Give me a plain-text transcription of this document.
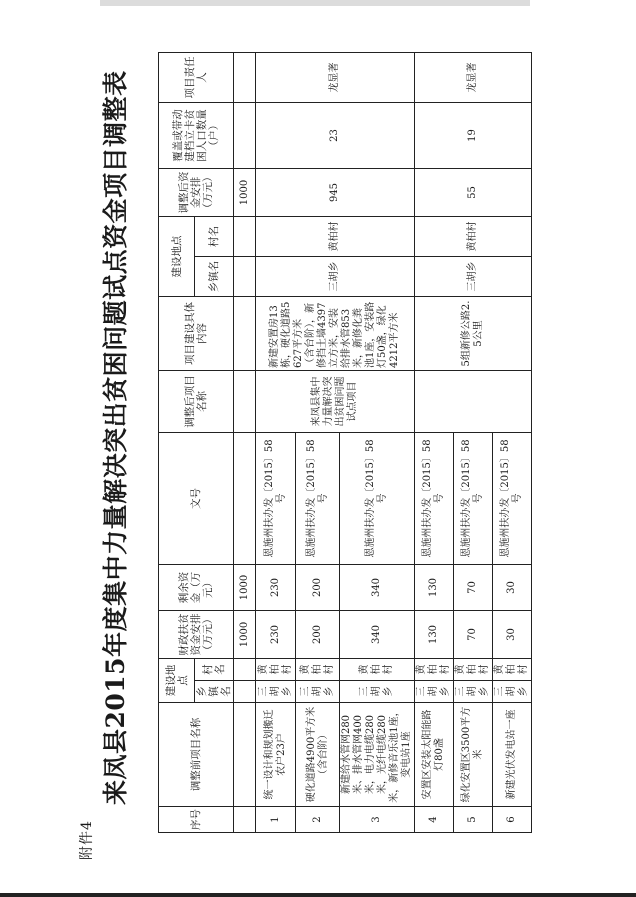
附件4
来凤县2015年度集中力量解决突出贫困问题试点资金项目调整表
序号	调整前项目名称	建设地点		财政扶贫资金安排（万元）	剩余资金（万元）	文号	调整后项目名称	项目建设具体内容	建设地点		调整后资金安排（万元）	覆盖或带动建档立卡贫困人口数量（户）	项目责任人
		乡镇名	村名						乡镇名	村名			
				1000	1000						1000		
1	统一设计和规划搬迁农户23户	三胡乡	黄柏村	230	230	恩施州扶办发〔2015〕58号	来凤县集中力量解决突出贫困问题试点项目	新建安置房13栋，硬化道路5627平方米（含台阶），新修挡土墙4397立方米，安装给排水管853米，新修化粪池1座，安装路灯50盏，绿化4212平方米	三胡乡	黄柏村	945	23	龙显著
2	硬化道路4900平方米（含台阶）	三胡乡	黄柏村	200	200	恩施州扶办发〔2015〕58号							
3	新建给水管网280米、排水管网400米，电力电缆280米，光纤电缆280米，新修音乐池1座，变电站1座	三胡乡	黄柏村	340	340	恩施州扶办发〔2015〕58号							
4	安置区安装太阳能路灯80盏	三胡乡	黄柏村	130	130	恩施州扶办发〔2015〕58号		5组新修公路2.5公里	三胡乡	黄柏村	55	19	龙显著
5	绿化安置区3500平方米	三胡乡	黄柏村	70	70	恩施州扶办发〔2015〕58号							
6	新建光伏发电站一座	三胡乡	黄柏村	30	30	恩施州扶办发〔2015〕58号							
